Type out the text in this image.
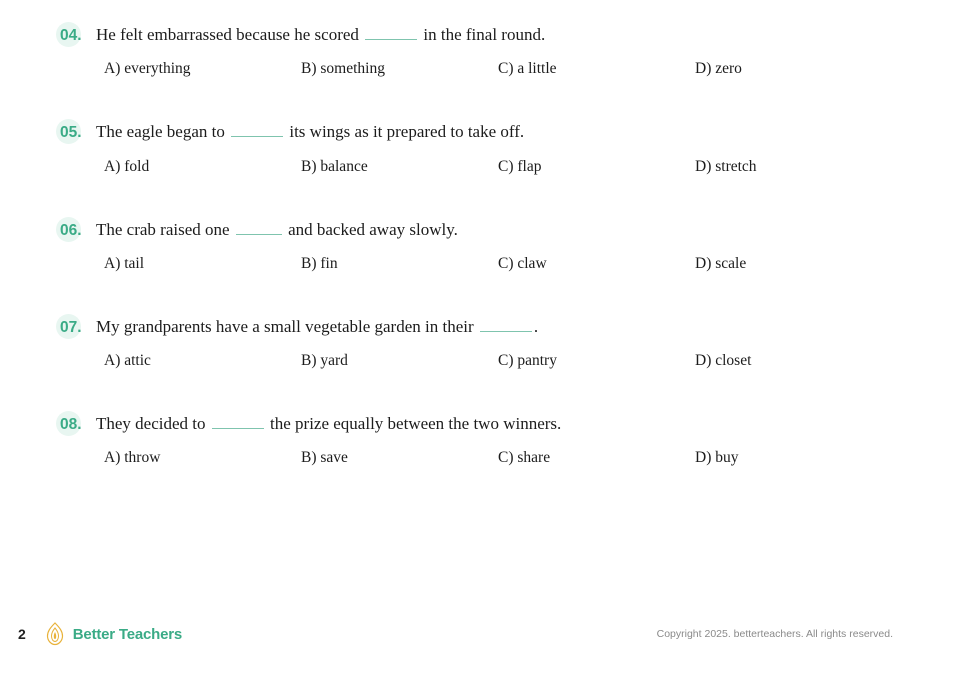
04. He felt embarrassed because he scored	in the final round.
A) everything	B) something	C) a little	D) zero
05. The eagle began to	its wings as it prepared to take off.
A) fold	B) balance	C) flap	D) stretch
06. The crab raised one	and backed away slowly.
A) tail	B) fin	C) claw	D) scale
07. My grandparents have a small vegetable garden in their	.
A) attic	B) yard	C) pantry	D) closet
08. They decided to	the prize equally between the two winners.
A) throw	B) save	C) share	D) buy
2	Better Teachers	Copyright 2025. betterteachers. All rights reserved.
